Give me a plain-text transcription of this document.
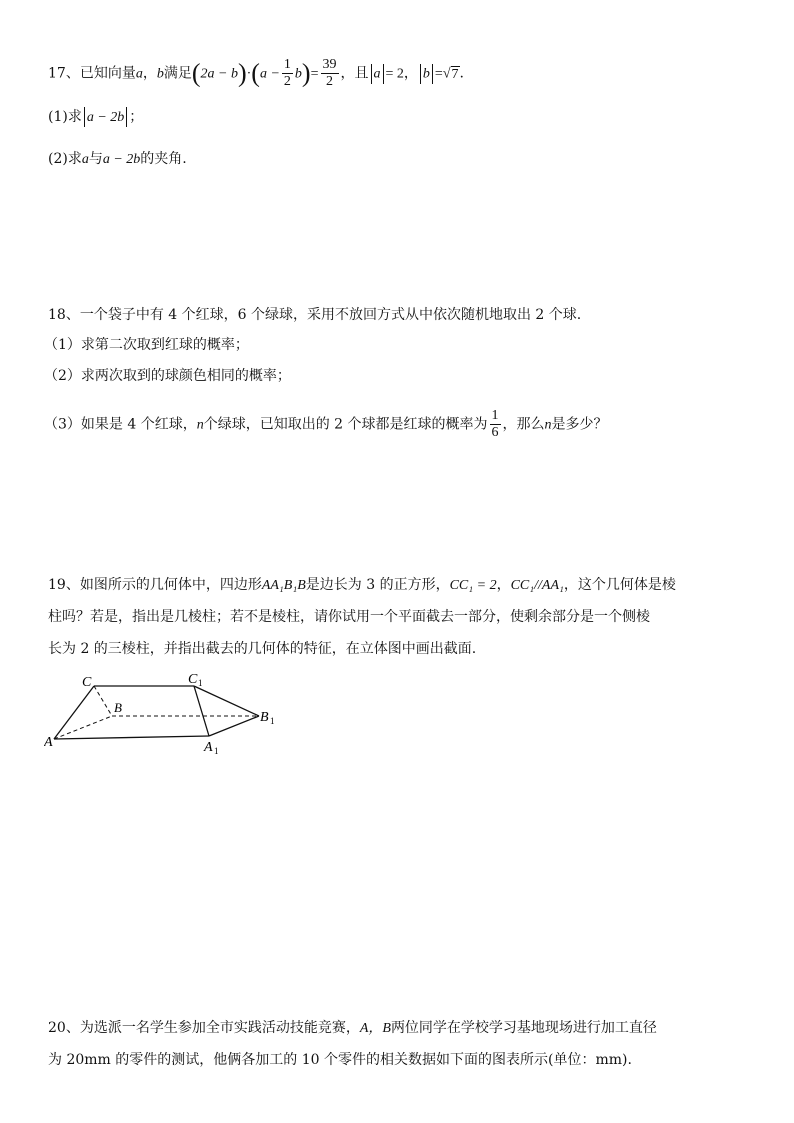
17、已知向量a，b满足$(2a - b)\cdot(a - \frac{1}{2} b)= \frac{39}{2}$ ，且 a = 2， b =√7.
(1)求 a − 2b ；
(2)求a与a − 2b的夹角.
18、一个袋子中有 4 个红球，6 个绿球，采用不放回方式从中依次随机地取出 2 个球.
（1）求第二次取到红球的概率；
（2）求两次取到的球颜色相同的概率；
（3）如果是 4 个红球，n个绿球，已知取出的 2 个球都是红球的概率为 $\frac{1}{6}$ ，那么n是多少？
19、如图所示的几何体中，四边形AA₁B₁B是边长为 3 的正方形，CC₁ = 2，CC₁//AA₁，这个几何体是棱
柱吗？若是，指出是几棱柱；若不是棱柱，请你试用一个平面截去一部分，使剩余部分是一个侧棱
长为 2 的三棱柱，并指出截去的几何体的特征，在立体图中画出截面.
C	C 1
B
B 1
A	A 1
20、为选派一名学生参加全市实践活动技能竞赛，A，B两位同学在学校学习基地现场进行加工直径
为 20mm 的零件的测试，他俩各加工的 10 个零件的相关数据如下面的图表所示(单位：mm).
